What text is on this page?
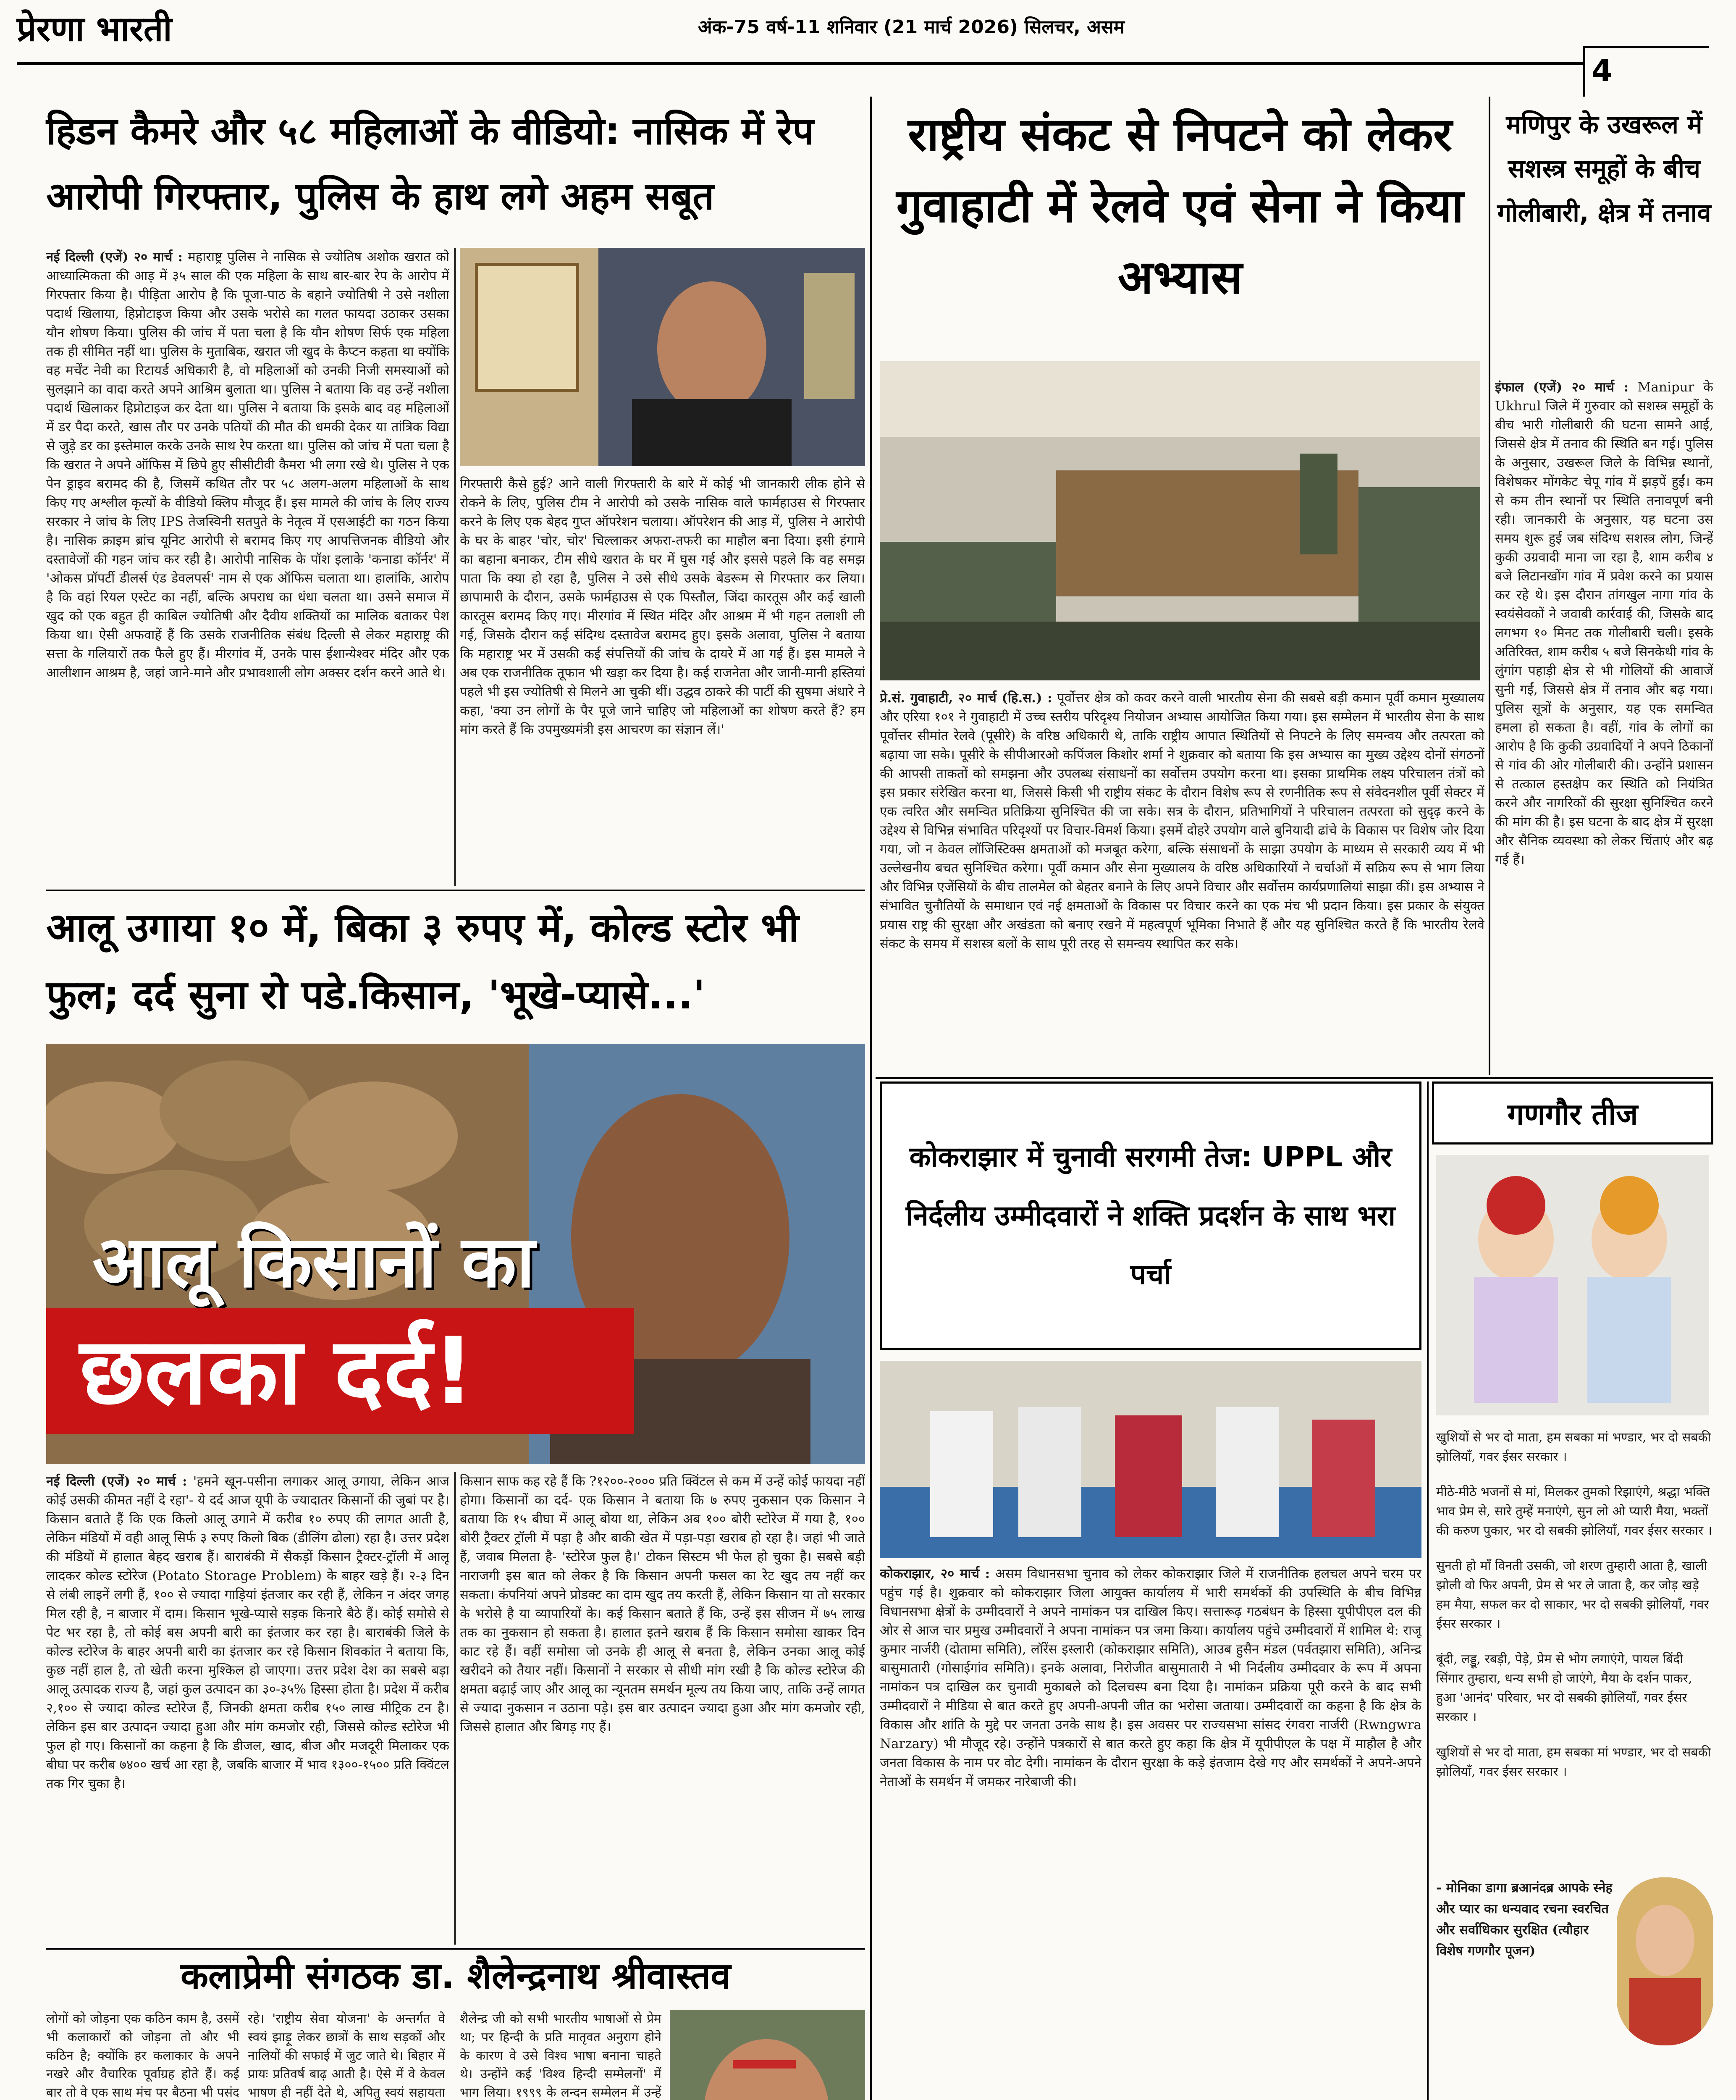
प्रेरणा भारती	अंक-75 वर्ष-11 शनिवार (21 मार्च 2026) सिलचर, असम
4
हिडन कैमरे और ५८ महिलाओं के वीडियो: नासिक में रेप आरोपी गिरफ्तार, पुलिस के हाथ लगे अहम सबूत
नई दिल्ली (एजें) २० मार्च : महाराष्ट्र पुलिस ने नासिक से ज्योतिष अशोक खरात को आध्यात्मिकता की आड़ में ३५ साल की एक महिला के साथ बार-बार रेप के आरोप में गिरफ्तार किया है। पीड़िता आरोप है कि पूजा-पाठ के बहाने ज्योतिषी ने उसे नशीला पदार्थ खिलाया, हिप्नोटाइज किया और उसके भरोसे का गलत फायदा उठाकर उसका यौन शोषण किया। पुलिस की जांच में पता चला है कि यौन शोषण सिर्फ एक महिला तक ही सीमित नहीं था। पुलिस के मुताबिक, खरात जी खुद के कैप्टन कहता था क्योंकि वह मर्चेंट नेवी का रिटायर्ड अधिकारी है, वो महिलाओं को उनकी निजी समस्याओं को सुलझाने का वादा करते अपने आश्रिम बुलाता था। पुलिस ने बताया कि वह उन्हें नशीला पदार्थ खिलाकर हिप्नोटाइज कर देता था। पुलिस ने बताया कि इसके बाद वह महिलाओं में डर पैदा करते, खास तौर पर उनके पतियों की मौत की धमकी देकर या तांत्रिक विद्या से जुड़े डर का इस्तेमाल करके उनके साथ रेप करता था। पुलिस को जांच में पता चला है कि खरात ने अपने ऑफिस में छिपे हुए सीसीटीवी कैमरा भी लगा रखे थे। पुलिस ने एक पेन ड्राइव बरामद की है, जिसमें कथित तौर पर ५८ अलग-अलग महिलाओं के साथ किए गए अश्लील कृत्यों के वीडियो क्लिप मौजूद हैं। इस मामले की जांच के लिए राज्य सरकार ने जांच के लिए IPS तेजस्विनी सतपुते के नेतृत्व में एसआईटी का गठन किया है। नासिक क्राइम ब्रांच यूनिट आरोपी से बरामद किए गए आपत्तिजनक वीडियो और दस्तावेजों की गहन जांच कर रही है। आरोपी नासिक के पॉश इलाके 'कनाडा कॉर्नर' में 'ओकस प्रॉपर्टी डीलर्स एंड डेवलपर्स' नाम से एक ऑफिस चलाता था। हालांकि, आरोप है कि वहां रियल एस्टेट का नहीं, बल्कि अपराध का धंधा चलता था। उसने समाज में खुद को एक बहुत ही काबिल ज्योतिषी और दैवीय शक्तियों का मालिक बताकर पेश किया था। ऐसी अफवाहें हैं कि उसके राजनीतिक संबंध दिल्ली से लेकर महाराष्ट्र की सत्ता के गलियारों तक फैले हुए हैं। मीरगांव में, उनके पास ईशान्येश्वर मंदिर और एक आलीशान आश्रम है, जहां जाने-माने और प्रभावशाली लोग अक्सर दर्शन करने आते थे।
गिरफ्तारी कैसे हुई? आने वाली गिरफ्तारी के बारे में कोई भी जानकारी लीक होने से रोकने के लिए, पुलिस टीम ने आरोपी को उसके नासिक वाले फार्महाउस से गिरफ्तार करने के लिए एक बेहद गुप्त ऑपरेशन चलाया। ऑपरेशन की आड़ में, पुलिस ने आरोपी के घर के बाहर 'चोर, चोर' चिल्लाकर अफरा-तफरी का माहौल बना दिया। इसी हंगामे का बहाना बनाकर, टीम सीधे खरात के घर में घुस गई और इससे पहले कि वह समझ पाता कि क्या हो रहा है, पुलिस ने उसे सीधे उसके बेडरूम से गिरफ्तार कर लिया। छापामारी के दौरान, उसके फार्महाउस से एक पिस्तौल, जिंदा कारतूस और कई खाली कारतूस बरामद किए गए। मीरगांव में स्थित मंदिर और आश्रम में भी गहन तलाशी ली गई, जिसके दौरान कई संदिग्ध दस्तावेज बरामद हुए। इसके अलावा, पुलिस ने बताया कि महाराष्ट्र भर में उसकी कई संपत्तियों की जांच के दायरे में आ गई हैं। इस मामले ने अब एक राजनीतिक तूफान भी खड़ा कर दिया है। कई राजनेता और जानी-मानी हस्तियां पहले भी इस ज्योतिषी से मिलने आ चुकी थीं। उद्धव ठाकरे की पार्टी की सुषमा अंधारे ने कहा, 'क्या उन लोगों के पैर पूजे जाने चाहिए जो महिलाओं का शोषण करते हैं? हम मांग करते हैं कि उपमुख्यमंत्री इस आचरण का संज्ञान लें।'
राष्ट्रीय संकट से निपटने को लेकर गुवाहाटी में रेलवे एवं सेना ने किया अभ्यास
प्रे.सं. गुवाहाटी, २० मार्च (हि.स.) : पूर्वोत्तर क्षेत्र को कवर करने वाली भारतीय सेना की सबसे बड़ी कमान पूर्वी कमान मुख्यालय और एरिया १०१ ने गुवाहाटी में उच्च स्तरीय परिदृश्य नियोजन अभ्यास आयोजित किया गया। इस सम्मेलन में भारतीय सेना के साथ पूर्वोत्तर सीमांत रेलवे (पूसीरे) के वरिष्ठ अधिकारी थे, ताकि राष्ट्रीय आपात स्थितियों से निपटने के लिए समन्वय और तत्परता को बढ़ाया जा सके। पूसीरे के सीपीआरओ कपिंजल किशोर शर्मा ने शुक्रवार को बताया कि इस अभ्यास का मुख्य उद्देश्य दोनों संगठनों की आपसी ताकतों को समझना और उपलब्ध संसाधनों का सर्वोत्तम उपयोग करना था। इसका प्राथमिक लक्ष्य परिचालन तंत्रों को इस प्रकार संरेखित करना था, जिससे किसी भी राष्ट्रीय संकट के दौरान विशेष रूप से रणनीतिक रूप से संवेदनशील पूर्वी सेक्टर में एक त्वरित और समन्वित प्रतिक्रिया सुनिश्चित की जा सके। सत्र के दौरान, प्रतिभागियों ने परिचालन तत्परता को सुदृढ़ करने के उद्देश्य से विभिन्न संभावित परिदृश्यों पर विचार-विमर्श किया। इसमें दोहरे उपयोग वाले बुनियादी ढांचे के विकास पर विशेष जोर दिया गया, जो न केवल लॉजिस्टिक्स क्षमताओं को मजबूत करेगा, बल्कि संसाधनों के साझा उपयोग के माध्यम से सरकारी व्यय में भी उल्लेखनीय बचत सुनिश्चित करेगा। पूर्वी कमान और सेना मुख्यालय के वरिष्ठ अधिकारियों ने चर्चाओं में सक्रिय रूप से भाग लिया और विभिन्न एजेंसियों के बीच तालमेल को बेहतर बनाने के लिए अपने विचार और सर्वोत्तम कार्यप्रणालियां साझा कीं। इस अभ्यास ने संभावित चुनौतियों के समाधान एवं नई क्षमताओं के विकास पर विचार करने का एक मंच भी प्रदान किया। इस प्रकार के संयुक्त प्रयास राष्ट्र की सुरक्षा और अखंडता को बनाए रखने में महत्वपूर्ण भूमिका निभाते हैं और यह सुनिश्चित करते हैं कि भारतीय रेलवे संकट के समय में सशस्त्र बलों के साथ पूरी तरह से समन्वय स्थापित कर सके।
मणिपुर के उखरूल में सशस्त्र समूहों के बीच गोलीबारी, क्षेत्र में तनाव
इंफाल (एजें) २० मार्च : Manipur के Ukhrul जिले में गुरुवार को सशस्त्र समूहों के बीच भारी गोलीबारी की घटना सामने आई, जिससे क्षेत्र में तनाव की स्थिति बन गई। पुलिस के अनुसार, उखरूल जिले के विभिन्न स्थानों, विशेषकर मोंगकेट चेपू गांव में झड़पें हुईं। कम से कम तीन स्थानों पर स्थिति तनावपूर्ण बनी रही। जानकारी के अनुसार, यह घटना उस समय शुरू हुई जब संदिग्ध सशस्त्र लोग, जिन्हें कुकी उग्रवादी माना जा रहा है, शाम करीब ४ बजे लिटानखोंग गांव में प्रवेश करने का प्रयास कर रहे थे। इस दौरान तांगखुल नागा गांव के स्वयंसेवकों ने जवाबी कार्रवाई की, जिसके बाद लगभग १० मिनट तक गोलीबारी चली। इसके अतिरिक्त, शाम करीब ५ बजे सिनकेथी गांव के लुंगांग पहाड़ी क्षेत्र से भी गोलियों की आवाजें सुनी गईं, जिससे क्षेत्र में तनाव और बढ़ गया। पुलिस सूत्रों के अनुसार, यह एक समन्वित हमला हो सकता है। वहीं, गांव के लोगों का आरोप है कि कुकी उग्रवादियों ने अपने ठिकानों से गांव की ओर गोलीबारी की। उन्होंने प्रशासन से तत्काल हस्तक्षेप कर स्थिति को नियंत्रित करने और नागरिकों की सुरक्षा सुनिश्चित करने की मांग की है। इस घटना के बाद क्षेत्र में सुरक्षा और सैनिक व्यवस्था को लेकर चिंताएं और बढ़ गई हैं।
आलू उगाया १० में, बिका ३ रुपए में, कोल्ड स्टोर भी फुल; दर्द सुना रो पडे.किसान, 'भूखे-प्यासे...'
आलू किसानों का
छलका दर्द!
नई दिल्ली (एजें) २० मार्च : 'हमने खून-पसीना लगाकर आलू उगाया, लेकिन आज कोई उसकी कीमत नहीं दे रहा'- ये दर्द आज यूपी के ज्यादातर किसानों की जुबां पर है। किसान बताते हैं कि एक किलो आलू उगाने में करीब १० रुपए की लागत आती है, लेकिन मंडियों में वही आलू सिर्फ ३ रुपए किलो बिक (डीलिंग ढोला) रहा है। उत्तर प्रदेश की मंडियों में हालात बेहद खराब हैं। बाराबंकी में सैकड़ों किसान ट्रैक्टर-ट्रॉली में आलू लादकर कोल्ड स्टोरेज (Potato Storage Problem) के बाहर खड़े हैं। २-३ दिन से लंबी लाइनें लगी हैं, १०० से ज्यादा गाड़ियां इंतजार कर रही हैं, लेकिन न अंदर जगह मिल रही है, न बाजार में दाम। किसान भूखे-प्यासे सड़क किनारे बैठे हैं। कोई समोसे से पेट भर रहा है, तो कोई बस अपनी बारी का इंतजार कर रहा है। बाराबंकी जिले के कोल्ड स्टोरेज के बाहर अपनी बारी का इंतजार कर रहे किसान शिवकांत ने बताया कि, कुछ नहीं हाल है, तो खेती करना मुश्किल हो जाएगा। उत्तर प्रदेश देश का सबसे बड़ा आलू उत्पादक राज्य है, जहां कुल उत्पादन का ३०-३५% हिस्सा होता है। प्रदेश में करीब २,१०० से ज्यादा कोल्ड स्टोरेज हैं, जिनकी क्षमता करीब १५० लाख मीट्रिक टन है। लेकिन इस बार उत्पादन ज्यादा हुआ और मांग कमजोर रही, जिससे कोल्ड स्टोरेज भी फुल हो गए। किसानों का कहना है कि डीजल, खाद, बीज और मजदूरी मिलाकर एक बीघा पर करीब ७४०० खर्च आ रहा है, जबकि बाजार में भाव १३००-१५०० प्रति क्विंटल तक गिर चुका है।
किसान साफ कह रहे हैं कि ?१२००-२००० प्रति क्विंटल से कम में उन्हें कोई फायदा नहीं होगा। किसानों का दर्द- एक किसान ने बताया कि ७ रुपए नुकसान एक किसान ने बताया कि १५ बीघा में आलू बोया था, लेकिन अब १०० बोरी स्टोरेज में गया है, १०० बोरी ट्रैक्टर ट्रॉली में पड़ा है और बाकी खेत में पड़ा-पड़ा खराब हो रहा है। जहां भी जाते हैं, जवाब मिलता है- 'स्टोरेज फुल है।' टोकन सिस्टम भी फेल हो चुका है। सबसे बड़ी नाराजगी इस बात को लेकर है कि किसान अपनी फसल का रेट खुद तय नहीं कर सकता। कंपनियां अपने प्रोडक्ट का दाम खुद तय करती हैं, लेकिन किसान या तो सरकार के भरोसे है या व्यापारियों के। कई किसान बताते हैं कि, उन्हें इस सीजन में ७५ लाख तक का नुकसान हो सकता है। हालात इतने खराब हैं कि किसान समोसा खाकर दिन काट रहे हैं। वहीं समोसा जो उनके ही आलू से बनता है, लेकिन उनका आलू कोई खरीदने को तैयार नहीं। किसानों ने सरकार से सीधी मांग रखी है कि कोल्ड स्टोरेज की क्षमता बढ़ाई जाए और आलू का न्यूनतम समर्थन मूल्य तय किया जाए, ताकि उन्हें लागत से ज्यादा नुकसान न उठाना पड़े। इस बार उत्पादन ज्यादा हुआ और मांग कमजोर रही, जिससे हालात और बिगड़ गए हैं।
कोकराझार में चुनावी सरगमी तेज: UPPL और निर्दलीय उम्मीदवारों ने शक्ति प्रदर्शन के साथ भरा पर्चा
कोकराझार, २० मार्च : असम विधानसभा चुनाव को लेकर कोकराझार जिले में राजनीतिक हलचल अपने चरम पर पहुंच गई है। शुक्रवार को कोकराझार जिला आयुक्त कार्यालय में भारी समर्थकों की उपस्थिति के बीच विभिन्न विधानसभा क्षेत्रों के उम्मीदवारों ने अपने नामांकन पत्र दाखिल किए। सत्तारूढ़ गठबंधन के हिस्सा यूपीपीएल दल की ओर से आज चार प्रमुख उम्मीदवारों ने अपना नामांकन पत्र जमा किया। कार्यालय पहुंचे उम्मीदवारों में शामिल थे: राजू कुमार नार्जरी (दोतामा समिति), लॉरेंस इस्लारी (कोकराझार समिति), आउब हुसैन मंडल (पर्वतझारा समिति), अनिन्द्र बासुमातारी (गोसाईगांव समिति)। इनके अलावा, निरोजीत बासुमातारी ने भी निर्दलीय उम्मीदवार के रूप में अपना नामांकन पत्र दाखिल कर चुनावी मुकाबले को दिलचस्प बना दिया है। नामांकन प्रक्रिया पूरी करने के बाद सभी उम्मीदवारों ने मीडिया से बात करते हुए अपनी-अपनी जीत का भरोसा जताया। उम्मीदवारों का कहना है कि क्षेत्र के विकास और शांति के मुद्दे पर जनता उनके साथ है। इस अवसर पर राज्यसभा सांसद रंगवरा नार्जरी (Rwngwra Narzary) भी मौजूद रहे। उन्होंने पत्रकारों से बात करते हुए कहा कि क्षेत्र में यूपीपीएल के पक्ष में माहौल है और जनता विकास के नाम पर वोट देगी। नामांकन के दौरान सुरक्षा के कड़े इंतजाम देखे गए और समर्थकों ने अपने-अपने नेताओं के समर्थन में जमकर नारेबाजी की।
गणगौर तीज

खुशियों से भर दो माता, हम सबका मां भण्डार, भर दो सबकी झोलियाँ, गवर ईसर सरकार ।

मीठे-मीठे भजनों से मां, मिलकर तुमको रिझाएंगे, श्रद्धा भक्ति भाव प्रेम से, सारे तुम्हें मनाएंगे, सुन लो ओ प्यारी मैया, भक्तों की करुण पुकार, भर दो सबकी झोलियाँ, गवर ईसर सरकार ।

सुनती हो माँ विनती उसकी, जो शरण तुम्हारी आता है, खाली झोली वो फिर अपनी, प्रेम से भर ले जाता है, कर जोड़ खड़े हम मैया, सफल कर दो साकार, भर दो सबकी झोलियाँ, गवर ईसर सरकार ।

बूंदी, लड्डू, रबड़ी, पेड़े, प्रेम से भोग लगाएंगे, पायल बिंदी सिंगार तुम्हारा, धन्य सभी हो जाएंगे, मैया के दर्शन पाकर, हुआ 'आनंद' परिवार, भर दो सबकी झोलियाँ, गवर ईसर सरकार ।

खुशियों से भर दो माता, हम सबका मां भण्डार, भर दो सबकी झोलियाँ, गवर ईसर सरकार ।

- मोनिका डागा ब्रआनंदब्र आपके स्नेह और प्यार का धन्यवाद रचना स्वरचित और सर्वाधिकार सुरक्षित (त्यौहार विशेष गणगौर पूजन)
कलाप्रेमी संगठक डा. शैलेन्द्रनाथ श्रीवास्तव
लोगों को जोड़ना एक कठिन काम है, उसमें भी कलाकारों को जोड़ना तो और भी कठिन है; क्योंकि हर कलाकार के अपने नखरे और वैचारिक पूर्वाग्रह होते हैं। कई बार तो वे एक साथ मंच पर बैठना भी पसंद
रहे। 'राष्ट्रीय सेवा योजना' के अन्तर्गत वे स्वयं झाड़ू लेकर छात्रों के साथ सड़कों और नालियों की सफाई में जुट जाते थे। बिहार में प्रायः प्रतिवर्ष बाढ़ आती है। ऐसे में वे केवल भाषण ही नहीं देते थे, अपितु स्वयं सहायता
शैलेन्द्र जी को सभी भारतीय भाषाओं से प्रेम था; पर हिन्दी के प्रति मातृवत अनुराग होने के कारण वे उसे विश्व भाषा बनाना चाहते थे। उन्होंने कई 'विश्व हिन्दी सम्मेलनों' में भाग लिया। १९९९ के लन्दन सम्मेलन में उन्हें
